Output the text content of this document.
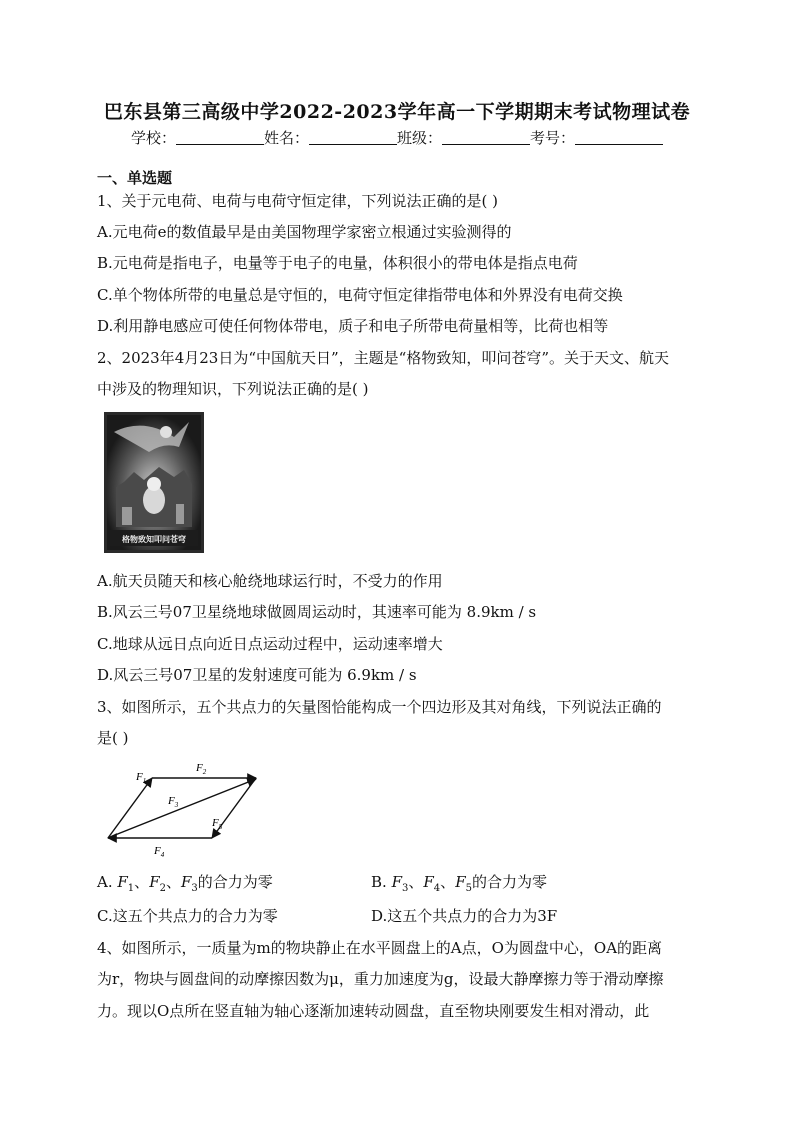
巴东县第三高级中学2022-2023学年高一下学期期末考试物理试卷
学校：	姓名：	班级：	考号：
一、单选题
1、关于元电荷、电荷与电荷守恒定律，下列说法正确的是( )
A.元电荷e的数值最早是由美国物理学家密立根通过实验测得的
B.元电荷是指电子，电量等于电子的电量，体积很小的带电体是指点电荷
C.单个物体所带的电量总是守恒的，电荷守恒定律指带电体和外界没有电荷交换
D.利用静电感应可使任何物体带电，质子和电子所带电荷量相等，比荷也相等
2、2023年4月23日为“中国航天日”，主题是“格物致知，叩问苍穹”。关于天文、航天
中涉及的物理知识，下列说法正确的是( )
格物致知叩问苍穹
A.航天员随天和核心舱绕地球运行时，不受力的作用
B.风云三号07卫星绕地球做圆周运动时，其速率可能为 8.9km / s
C.地球从远日点向近日点运动过程中，运动速率增大
D.风云三号07卫星的发射速度可能为 6.9km / s
3、如图所示，五个共点力的矢量图恰能构成一个四边形及其对角线，下列说法正确的
是( )
$F_1$
$F_2$
$F_3$
$F_4$
$F_5$
A. $F_1$、$F_2$、$F_3$的合力为零	B. $F_3$、$F_4$、$F_5$的合力为零
C.这五个共点力的合力为零	D.这五个共点力的合力为3F
4、如图所示，一质量为m的物块静止在水平圆盘上的A点，O为圆盘中心，OA的距离
为r，物块与圆盘间的动摩擦因数为μ，重力加速度为g，设最大静摩擦力等于滑动摩擦
力。现以O点所在竖直轴为轴心逐渐加速转动圆盘，直至物块刚要发生相对滑动，此
